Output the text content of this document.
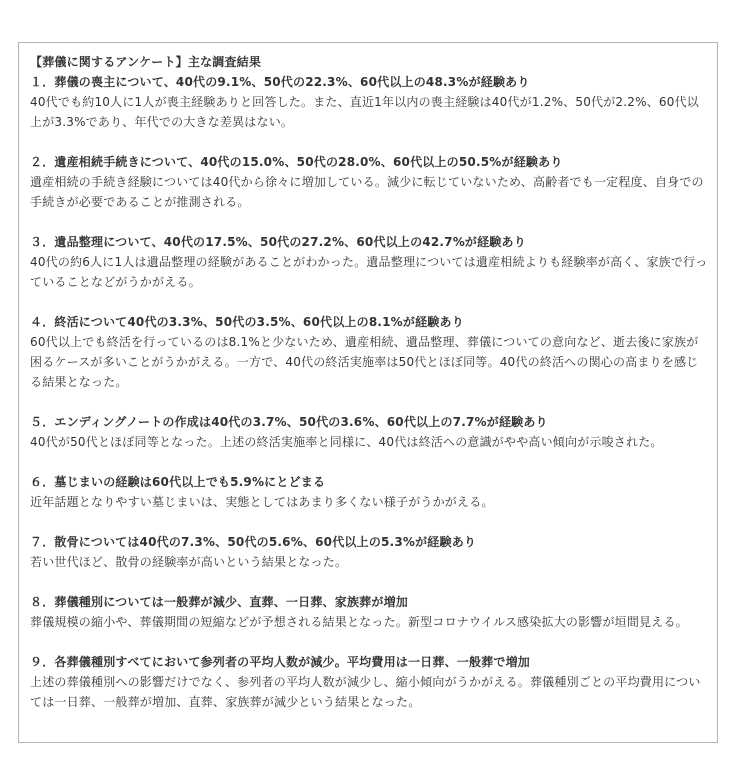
【葬儀に関するアンケート】主な調査結果

１．葬儀の喪主について、40代の9.1%、50代の22.3%、60代以上の48.3%が経験あり

40代でも約10人に1人が喪主経験ありと回答した。また、直近1年以内の喪主経験は40代が1.2%、50代が2.2%、60代以上が3.3%であり、年代での大きな差異はない。

２．遺産相続手続きについて、40代の15.0%、50代の28.0%、60代以上の50.5%が経験あり

遺産相続の手続き経験については40代から徐々に増加している。減少に転じていないため、高齢者でも一定程度、自身での手続きが必要であることが推測される。

３．遺品整理について、40代の17.5%、50代の27.2%、60代以上の42.7%が経験あり

40代の約6人に1人は遺品整理の経験があることがわかった。遺品整理については遺産相続よりも経験率が高く、家族で行っていることなどがうかがえる。

４．終活について40代の3.3%、50代の3.5%、60代以上の8.1%が経験あり

60代以上でも終活を行っているのは8.1%と少ないため、遺産相続、遺品整理、葬儀についての意向など、逝去後に家族が困るケースが多いことがうかがえる。一方で、40代の終活実施率は50代とほぼ同等。40代の終活への関心の高まりを感じる結果となった。

５．エンディングノートの作成は40代の3.7%、50代の3.6%、60代以上の7.7%が経験あり

40代が50代とほぼ同等となった。上述の終活実施率と同様に、40代は終活への意識がやや高い傾向が示唆された。

６．墓じまいの経験は60代以上でも5.9%にとどまる

近年話題となりやすい墓じまいは、実態としてはあまり多くない様子がうかがえる。

７．散骨については40代の7.3%、50代の5.6%、60代以上の5.3%が経験あり

若い世代ほど、散骨の経験率が高いという結果となった。

８．葬儀種別については一般葬が減少、直葬、一日葬、家族葬が増加

葬儀規模の縮小や、葬儀期間の短縮などが予想される結果となった。新型コロナウイルス感染拡大の影響が垣間見える。

９．各葬儀種別すべてにおいて参列者の平均人数が減少。平均費用は一日葬、一般葬で増加

上述の葬儀種別への影響だけでなく、参列者の平均人数が減少し、縮小傾向がうかがえる。葬儀種別ごとの平均費用については一日葬、一般葬が増加、直葬、家族葬が減少という結果となった。
